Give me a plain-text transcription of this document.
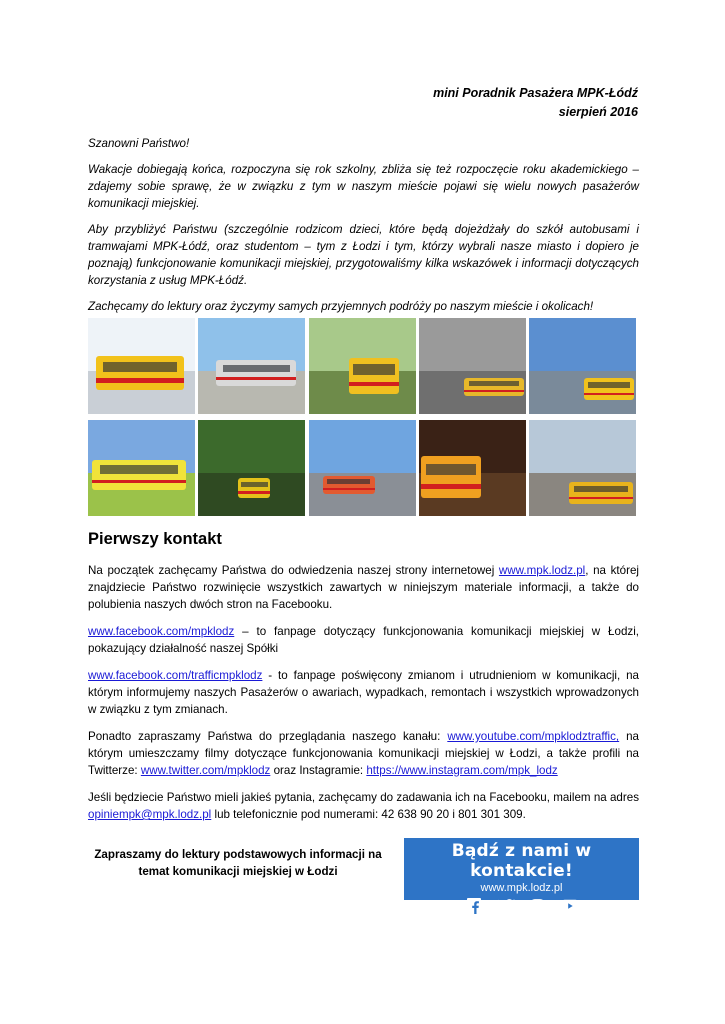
mini Poradnik Pasażera MPK-Łódź
sierpień 2016

Szanowni Państwo!

Wakacje dobiegają końca, rozpoczyna się rok szkolny, zbliża się też rozpoczęcie roku akademickiego – zdajemy sobie sprawę, że w związku z tym w naszym mieście pojawi się wielu nowych pasażerów komunikacji miejskiej.

Aby przybliżyć Państwu (szczególnie rodzicom dzieci, które będą dojeżdżały do szkół autobusami i tramwajami MPK-Łódź, oraz studentom – tym z Łodzi i tym, którzy wybrali nasze miasto i dopiero je poznają) funkcjonowanie komunikacji miejskiej, przygotowaliśmy kilka wskazówek i informacji dotyczących korzystania z usług MPK-Łódź.

Zachęcamy do lektury oraz życzymy samych przyjemnych podróży po naszym mieście i okolicach!

Pierwszy kontakt

Na początek zachęcamy Państwa do odwiedzenia naszej strony internetowej www.mpk.lodz.pl, na której znajdziecie Państwo rozwinięcie wszystkich zawartych w niniejszym materiale informacji, a także do polubienia naszych dwóch stron na Facebooku.

www.facebook.com/mpklodz – to fanpage dotyczący funkcjonowania komunikacji miejskiej w Łodzi, pokazujący działalność naszej Spółki

www.facebook.com/trafficmpklodz - to fanpage poświęcony zmianom i utrudnieniom w komunikacji, na którym informujemy naszych Pasażerów o awariach, wypadkach, remontach i wszystkich wprowadzonych w związku z tym zmianach.

Ponadto zapraszamy Państwa do przeglądania naszego kanału: www.youtube.com/mpklodztraffic, na którym umieszczamy filmy dotyczące funkcjonowania komunikacji miejskiej w Łodzi, a także profili na Twitterze: www.twitter.com/mpklodz oraz Instagramie: https://www.instagram.com/mpk_lodz

Jeśli będziecie Państwo mieli jakieś pytania, zachęcamy do zadawania ich na Facebooku, mailem na adres opiniempk@mpk.lodz.pl lub telefonicznie pod numerami: 42 638 90 20 i 801 301 309.

Zapraszamy do lektury podstawowych informacji na temat komunikacji miejskiej w Łodzi
Bądź z nami w kontakcie!
www.mpk.lodz.pl
